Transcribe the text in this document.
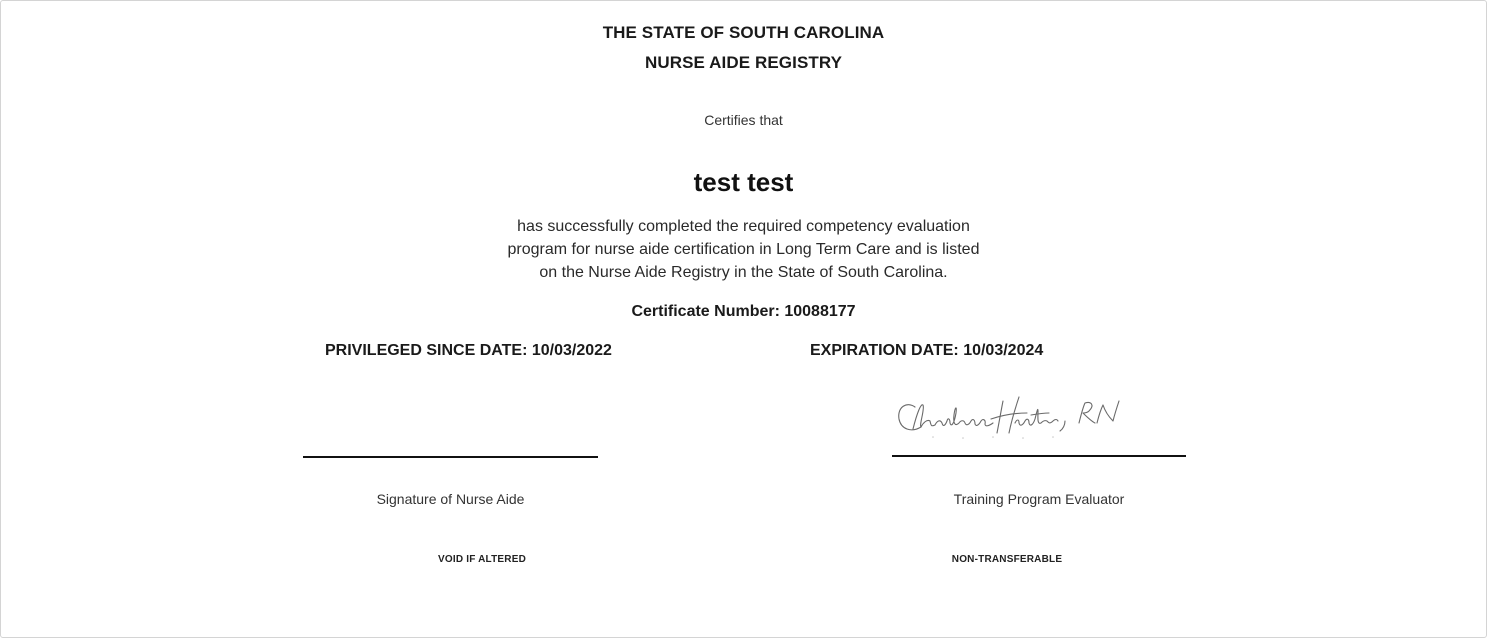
THE STATE OF SOUTH CAROLINA
NURSE AIDE REGISTRY
Certifies that
test test
has successfully completed the required competency evaluation
program for nurse aide certification in Long Term Care and is listed
on the Nurse Aide Registry in the State of South Carolina.
Certificate Number: 10088177
PRIVILEGED SINCE DATE: 10/03/2022	EXPIRATION DATE: 10/03/2024
Signature of Nurse Aide	Training Program Evaluator
VOID IF ALTERED	NON-TRANSFERABLE
